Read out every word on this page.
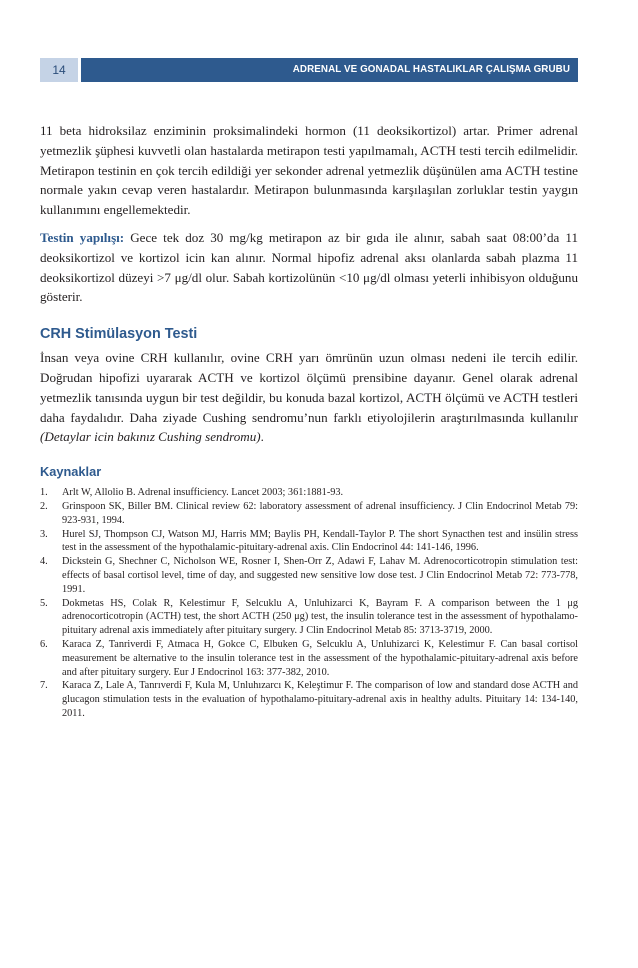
14	ADRENAL VE GONADAL HASTALIKLAR ÇALIŞMA GRUBU

11 beta hidroksilaz enziminin proksimalindeki hormon (11 deoksikortizol) artar. Primer adrenal yetmezlik şüphesi kuvvetli olan hastalarda metirapon testi yapılmamalı, ACTH testi tercih edilmelidir. Metirapon testinin en çok tercih edildiği yer sekonder adrenal yetmezlik düşünülen ama ACTH testine normale yakın cevap veren hastalardır. Metirapon bulunmasında karşılaşılan zorluklar testin yaygın kullanımını engellemektedir.

Testin yapılışı: Gece tek doz 30 mg/kg metirapon az bir gıda ile alınır, sabah saat 08:00’da 11 deoksikortizol ve kortizol icin kan alınır. Normal hipofiz adrenal aksı olanlarda sabah plazma 11 deoksikortizol düzeyi >7 μg/dl olur. Sabah kortizolünün <10 μg/dl olması yeterli inhibisyon olduğunu gösterir.

CRH Stimülasyon Testi

İnsan veya ovine CRH kullanılır, ovine CRH yarı ömrünün uzun olması nedeni ile tercih edilir. Doğrudan hipofizi uyararak ACTH ve kortizol ölçümü prensibine dayanır. Genel olarak adrenal yetmezlik tanısında uygun bir test değildir, bu konuda bazal kortizol, ACTH ölçümü ve ACTH testleri daha faydalıdır. Daha ziyade Cushing sendromu’nun farklı etiyolojilerin araştırılmasında kullanılır (Detaylar icin bakınız Cushing sendromu).

Kaynaklar
1. Arlt W, Allolio B. Adrenal insufficiency. Lancet 2003; 361:1881-93.
2. Grinspoon SK, Biller BM. Clinical review 62: laboratory assessment of adrenal insufficiency. J Clin Endocrinol Metab 79: 923-931, 1994.
3. Hurel SJ, Thompson CJ, Watson MJ, Harris MM; Baylis PH, Kendall-Taylor P. The short Synacthen test and insülin stress test in the assessment of the hypothalamic-pituitary-adrenal axis. Clin Endocrinol 44: 141-146, 1996.
4. Dickstein G, Shechner C, Nicholson WE, Rosner I, Shen-Orr Z, Adawi F, Lahav M. Adrenocorticotropin stimulation test: effects of basal cortisol level, time of day, and suggested new sensitive low dose test. J Clin Endocrinol Metab 72: 773-778, 1991.
5. Dokmetas HS, Colak R, Kelestimur F, Selcuklu A, Unluhizarci K, Bayram F. A comparison between the 1 μg adrenocorticotropin (ACTH) test, the short ACTH (250 μg) test, the insulin tolerance test in the assessment of hypothalamo-pituitary adrenal axis immediately after pituitary surgery. J Clin Endocrinol Metab 85: 3713-3719, 2000.
6. Karaca Z, Tanriverdi F, Atmaca H, Gokce C, Elbuken G, Selcuklu A, Unluhizarci K, Kelestimur F. Can basal cortisol measurement be alternative to the insulin tolerance test in the assessment of the hypothalamic-pituitary-adrenal axis before and after pituitary surgery. Eur J Endocrinol 163: 377-382, 2010.
7. Karaca Z, Lale A, Tanrıverdi F, Kula M, Unluhızarcı K, Keleştimur F. The comparison of low and standard dose ACTH and glucagon stimulation tests in the evaluation of hypothalamo-pituitary-adrenal axis in healthy adults. Pituitary 14: 134-140, 2011.
